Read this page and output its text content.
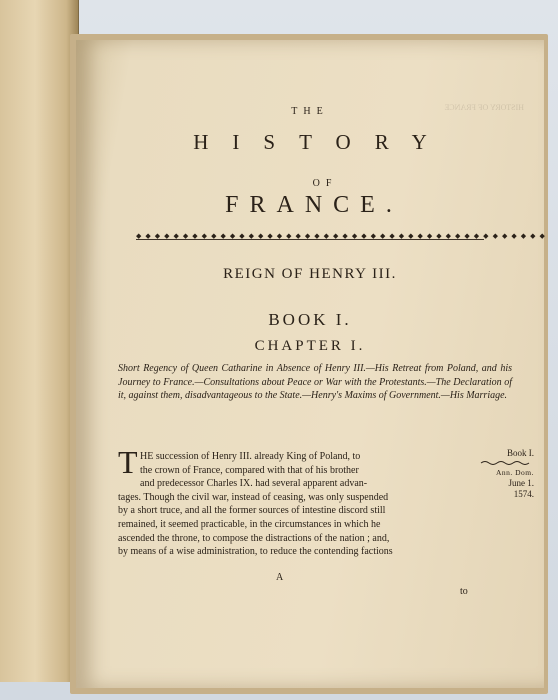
HISTORY OF FRANCE
THE
HISTORY
OF
FRANCE.
◆◆◆◆◆◆◆◆◆◆◆◆◆◆◆◆◆◆◆◆◆◆◆◆◆◆◆◆◆◆◆◆◆◆◆◆◆◆◆◆◆◆◆◆
REIGN OF HENRY III.
BOOK I.
CHAPTER I.
Short Regency of Queen Catharine in Absence of Henry III.—His Retreat from Poland, and his Journey to France.—Consultations about Peace or War with the Protestants.—The Declaration of it, against them, disadvantageous to the State.—Henry's Maxims of Government.—His Marriage.
T HE succession of Henry III. already King of Poland, to
the crown of France, compared with that of his brother
and predecessor Charles IX. had several apparent advan-
tages. Though the civil war, instead of ceasing, was only suspended
by a short truce, and all the former sources of intestine discord still
remained, it seemed practicable, in the circumstances in which he
ascended the throne, to compose the distractions of the nation ; and,
by means of a wise administration, to reduce the contending factions
Book I.
Ann. Dom.
June 1.
1574.
A
to
